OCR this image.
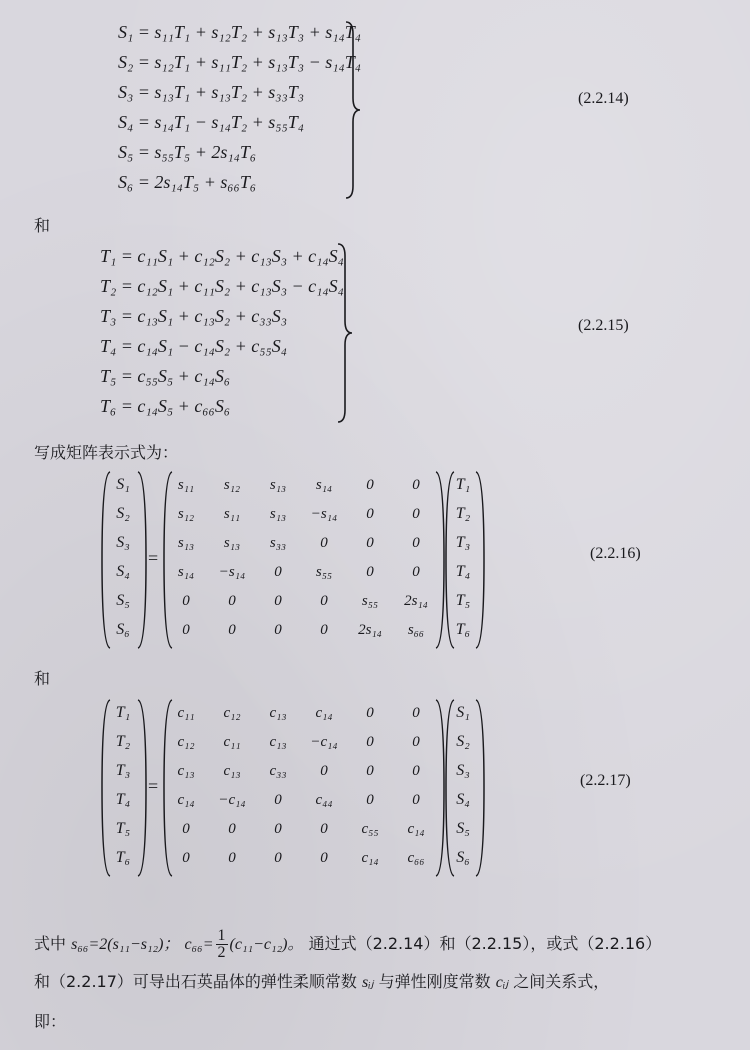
S₁ = s₁₁T₁ + s₁₂T₂ + s₁₃T₃ + s₁₄T₄
S₂ = s₁₂T₁ + s₁₁T₂ + s₁₃T₃ − s₁₄T₄
S₃ = s₁₃T₁ + s₁₃T₂ + s₃₃T₃
S₄ = s₁₄T₁ − s₁₄T₂ + s₅₅T₄
S₅ = s₅₅T₅ + 2s₁₄T₆
S₆ = 2s₁₄T₅ + s₆₆T₆
(2.2.14)
和
T₁ = c₁₁S₁ + c₁₂S₂ + c₁₃S₃ + c₁₄S₄
T₂ = c₁₂S₁ + c₁₁S₂ + c₁₃S₃ − c₁₄S₄
T₃ = c₁₃S₁ + c₁₃S₂ + c₃₃S₃
T₄ = c₁₄S₁ − c₁₄S₂ + c₅₅S₄
T₅ = c₅₅S₅ + c₁₄S₆
T₆ = c₁₄S₅ + c₆₆S₆
(2.2.15)
写成矩阵表示式为：
S₁
S₂
S₃
S₄
S₅
S₆
=
s₁₁	s₁₂	s₁₃	s₁₄	0	0
s₁₂	s₁₁	s₁₃	−s₁₄	0	0
s₁₃	s₁₃	s₃₃	0	0	0
s₁₄	−s₁₄	0	s₅₅	0	0
0	0	0	0	s₅₅	2s₁₄
0	0	0	0	2s₁₄	s₆₆
T₁
T₂
T₃
T₄
T₅
T₆
(2.2.16)
和
T₁
T₂
T₃
T₄
T₅
T₆
=
c₁₁	c₁₂	c₁₃	c₁₄	0	0
c₁₂	c₁₁	c₁₃	−c₁₄	0	0
c₁₃	c₁₃	c₃₃	0	0	0
c₁₄	−c₁₄	0	c₄₄	0	0
0	0	0	0	c₅₅	c₁₄
0	0	0	0	c₁₄	c₆₆
S₁
S₂
S₃
S₄
S₅
S₆
(2.2.17)
式中 s₆₆=2(s₁₁−s₁₂)； $c_{66}= \frac{1}{2} (c_{11}-c_{12})$。 通过式（2.2.14）和（2.2.15），或式（2.2.16）
和（2.2.17）可导出石英晶体的弹性柔顺常数 sᵢⱼ 与弹性刚度常数 cᵢⱼ 之间关系式，
即：
